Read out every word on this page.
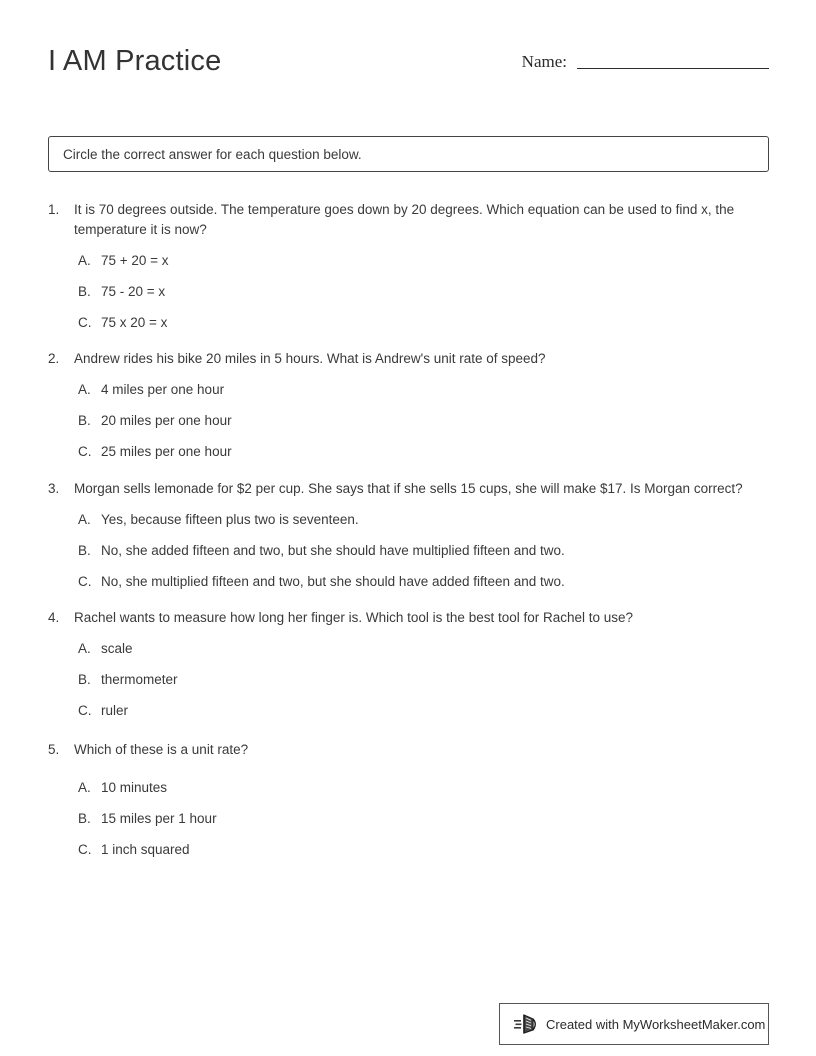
I AM Practice	Name:
Circle the correct answer for each question below.
1.	It is 70 degrees outside. The temperature goes down by 20 degrees. Which equation can be used to find x, the temperature it is now?
A. 75 + 20 = x
B. 75 - 20 = x
C. 75 x 20 = x
2.	Andrew rides his bike 20 miles in 5 hours. What is Andrew's unit rate of speed?
A. 4 miles per one hour
B. 20 miles per one hour
C. 25 miles per one hour
3.	Morgan sells lemonade for $2 per cup. She says that if she sells 15 cups, she will make $17. Is Morgan correct?
A. Yes, because fifteen plus two is seventeen.
B. No, she added fifteen and two, but she should have multiplied fifteen and two.
C. No, she multiplied fifteen and two, but she should have added fifteen and two.
4.	Rachel wants to measure how long her finger is. Which tool is the best tool for Rachel to use?
A. scale
B. thermometer
C. ruler
5.	Which of these is a unit rate?
A. 10 minutes
B. 15 miles per 1 hour
C. 1 inch squared
Created with MyWorksheetMaker.com
